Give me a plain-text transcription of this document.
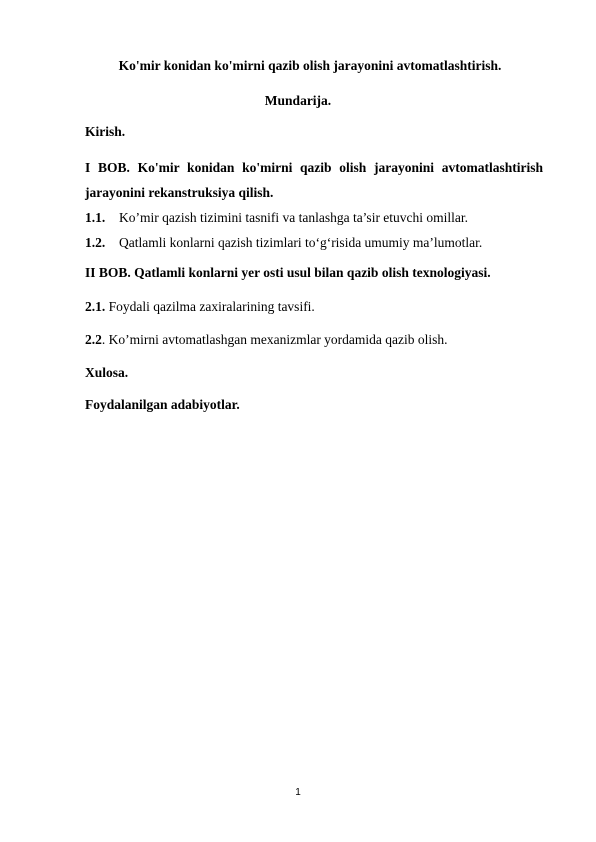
Ko'mir konidan ko'mirni qazib olish jarayonini avtomatlashtirish.
Mundarija.
Kirish.
I BOB. Ko'mir konidan ko'mirni qazib olish jarayonini avtomatlashtirish jarayonini rekanstruksiya qilish.
1.1. Ko’mir qazish tizimini tasnifi va tanlashga ta’sir etuvchi omillar.
1.2. Qatlamli konlarni qazish tizimlari to‘g‘risida umumiy ma’lumotlar.
II BOB. Qatlamli konlarni yer osti usul bilan qazib olish texnologiyasi.
2.1. Foydali qazilma zaxiralarining tavsifi.
2.2. Ko’mirni avtomatlashgan mexanizmlar yordamida qazib olish.
Xulosa.
Foydalanilgan adabiyotlar.
1
